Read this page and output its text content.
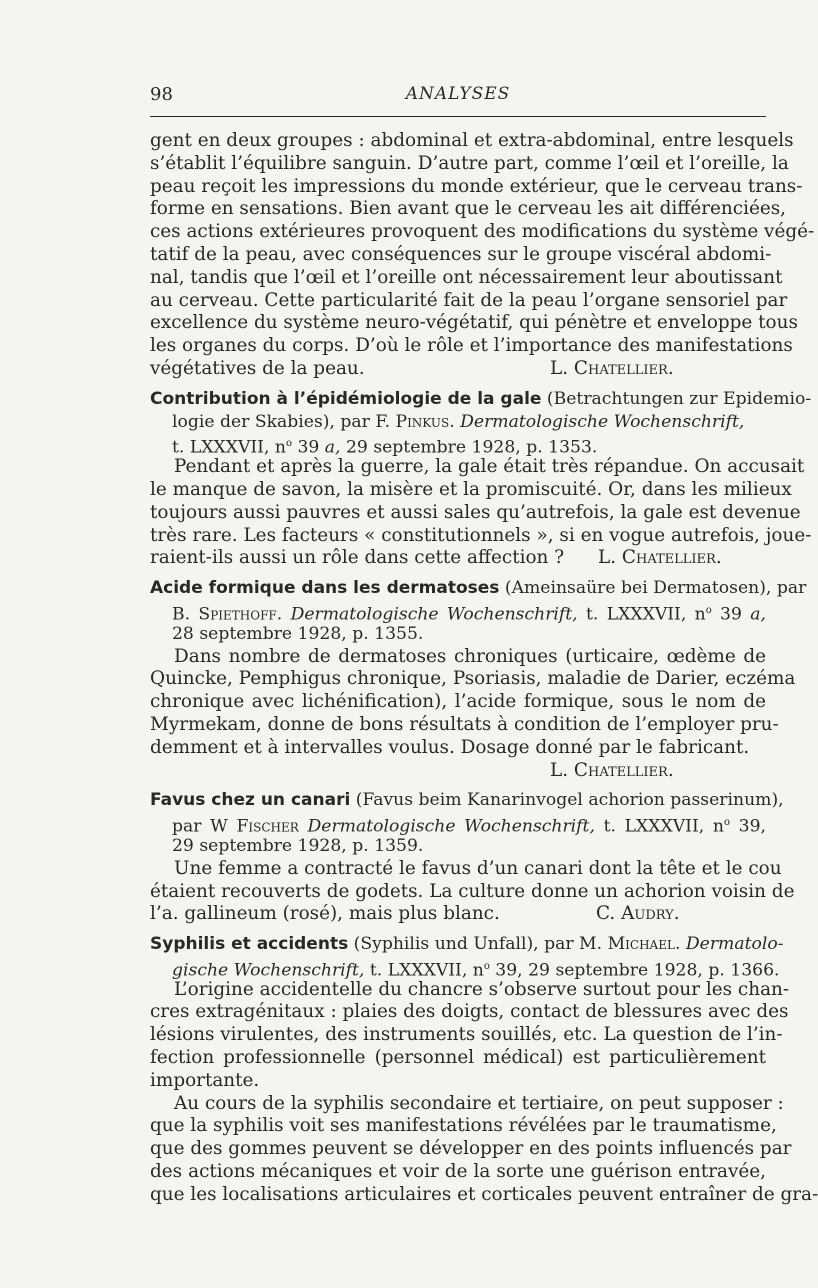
98	ANALYSES
gent en deux groupes : abdominal et extra-abdominal, entre lesquels
s’établit l’équilibre sanguin. D’autre part, comme l’œil et l’oreille, la
peau reçoit les impressions du monde extérieur, que le cerveau trans-
forme en sensations. Bien avant que le cerveau les ait différenciées,
ces actions extérieures provoquent des modifications du système végé-
tatif de la peau, avec conséquences sur le groupe viscéral abdomi-
nal, tandis que l’œil et l’oreille ont nécessairement leur aboutissant
au cerveau. Cette particularité fait de la peau l’organe sensoriel par
excellence du système neuro-végétatif, qui pénètre et enveloppe tous
les organes du corps. D’où le rôle et l’importance des manifestations
végétatives de la peau.	L. Chatellier.
Contribution à l’épidémiologie de la gale (Betrachtungen zur Epidemio-
logie der Skabies), par F. Pinkus. Dermatologische Wochenschrift,
t. LXXXVII, $n^o$ 39 a, 29 septembre 1928, p. 1353.
Pendant et après la guerre, la gale était très répandue. On accusait
le manque de savon, la misère et la promiscuité. Or, dans les milieux
toujours aussi pauvres et aussi sales qu’autrefois, la gale est devenue
très rare. Les facteurs « constitutionnels », si en vogue autrefois, joue-
raient-ils aussi un rôle dans cette affection ? L. Chatellier.
Acide formique dans les dermatoses (Ameinsaüre bei Dermatosen), par
B. Spiethoff. Dermatologische Wochenschrift, t. LXXXVII, $n^o$ 39 a,
28 septembre 1928, p. 1355.
Dans nombre de dermatoses chroniques (urticaire, œdème de
Quincke, Pemphigus chronique, Psoriasis, maladie de Darier, eczéma
chronique avec lichénification), l’acide formique, sous le nom de
Myrmekam, donne de bons résultats à condition de l’employer pru-
demment et à intervalles voulus. Dosage donné par le fabricant.
L. Chatellier.
Favus chez un canari (Favus beim Kanarinvogel achorion passerinum),
par W Fischer Dermatologische Wochenschrift, t. LXXXVII, $n^o$ 39,
29 septembre 1928, p. 1359.
Une femme a contracté le favus d’un canari dont la tête et le cou
étaient recouverts de godets. La culture donne un achorion voisin de
l’a. gallineum (rosé), mais plus blanc.	C. Audry.
Syphilis et accidents (Syphilis und Unfall), par M. Michael. Dermatolo-
gische Wochenschrift, t. LXXXVII, $n^o$ 39, 29 septembre 1928, p. 1366.
L’origine accidentelle du chancre s’observe surtout pour les chan-
cres extragénitaux : plaies des doigts, contact de blessures avec des
lésions virulentes, des instruments souillés, etc. La question de l’in-
fection professionnelle (personnel médical) est particulièrement
importante.
Au cours de la syphilis secondaire et tertiaire, on peut supposer :
que la syphilis voit ses manifestations révélées par le traumatisme,
que des gommes peuvent se développer en des points influencés par
des actions mécaniques et voir de la sorte une guérison entravée,
que les localisations articulaires et corticales peuvent entraîner de gra-
